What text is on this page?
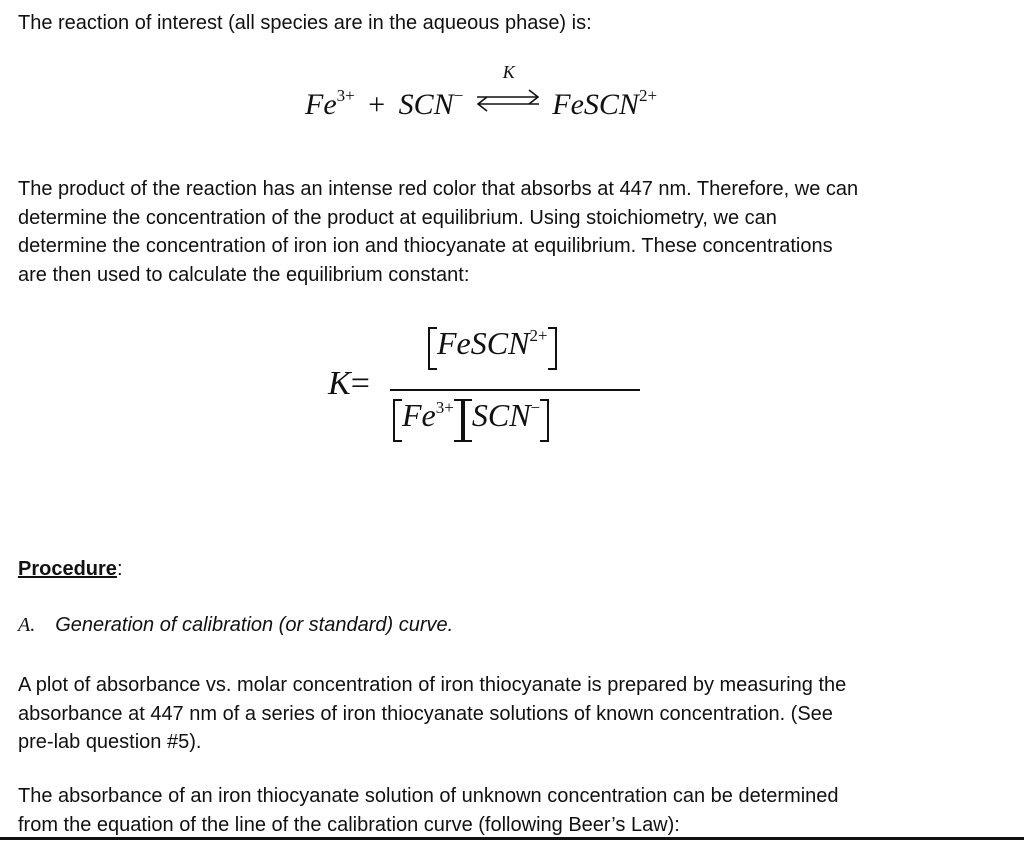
The reaction of interest (all species are in the aqueous phase) is:
$Fe^{3+} + SCN^-$
K
FeSCN$^{2+}$
The product of the reaction has an intense red color that absorbs at 447 nm. Therefore, we can
determine the concentration of the product at equilibrium. Using stoichiometry, we can
determine the concentration of iron ion and thiocyanate at equilibrium. These concentrations
are then used to calculate the equilibrium constant:
K=
FeSCN$^{2+}$
$Fe^{3+}$ SCN−
Procedure:
A. Generation of calibration (or standard) curve.
A plot of absorbance vs. molar concentration of iron thiocyanate is prepared by measuring the
absorbance at 447 nm of a series of iron thiocyanate solutions of known concentration. (See
pre-lab question #5).
The absorbance of an iron thiocyanate solution of unknown concentration can be determined
from the equation of the line of the calibration curve (following Beer’s Law):
